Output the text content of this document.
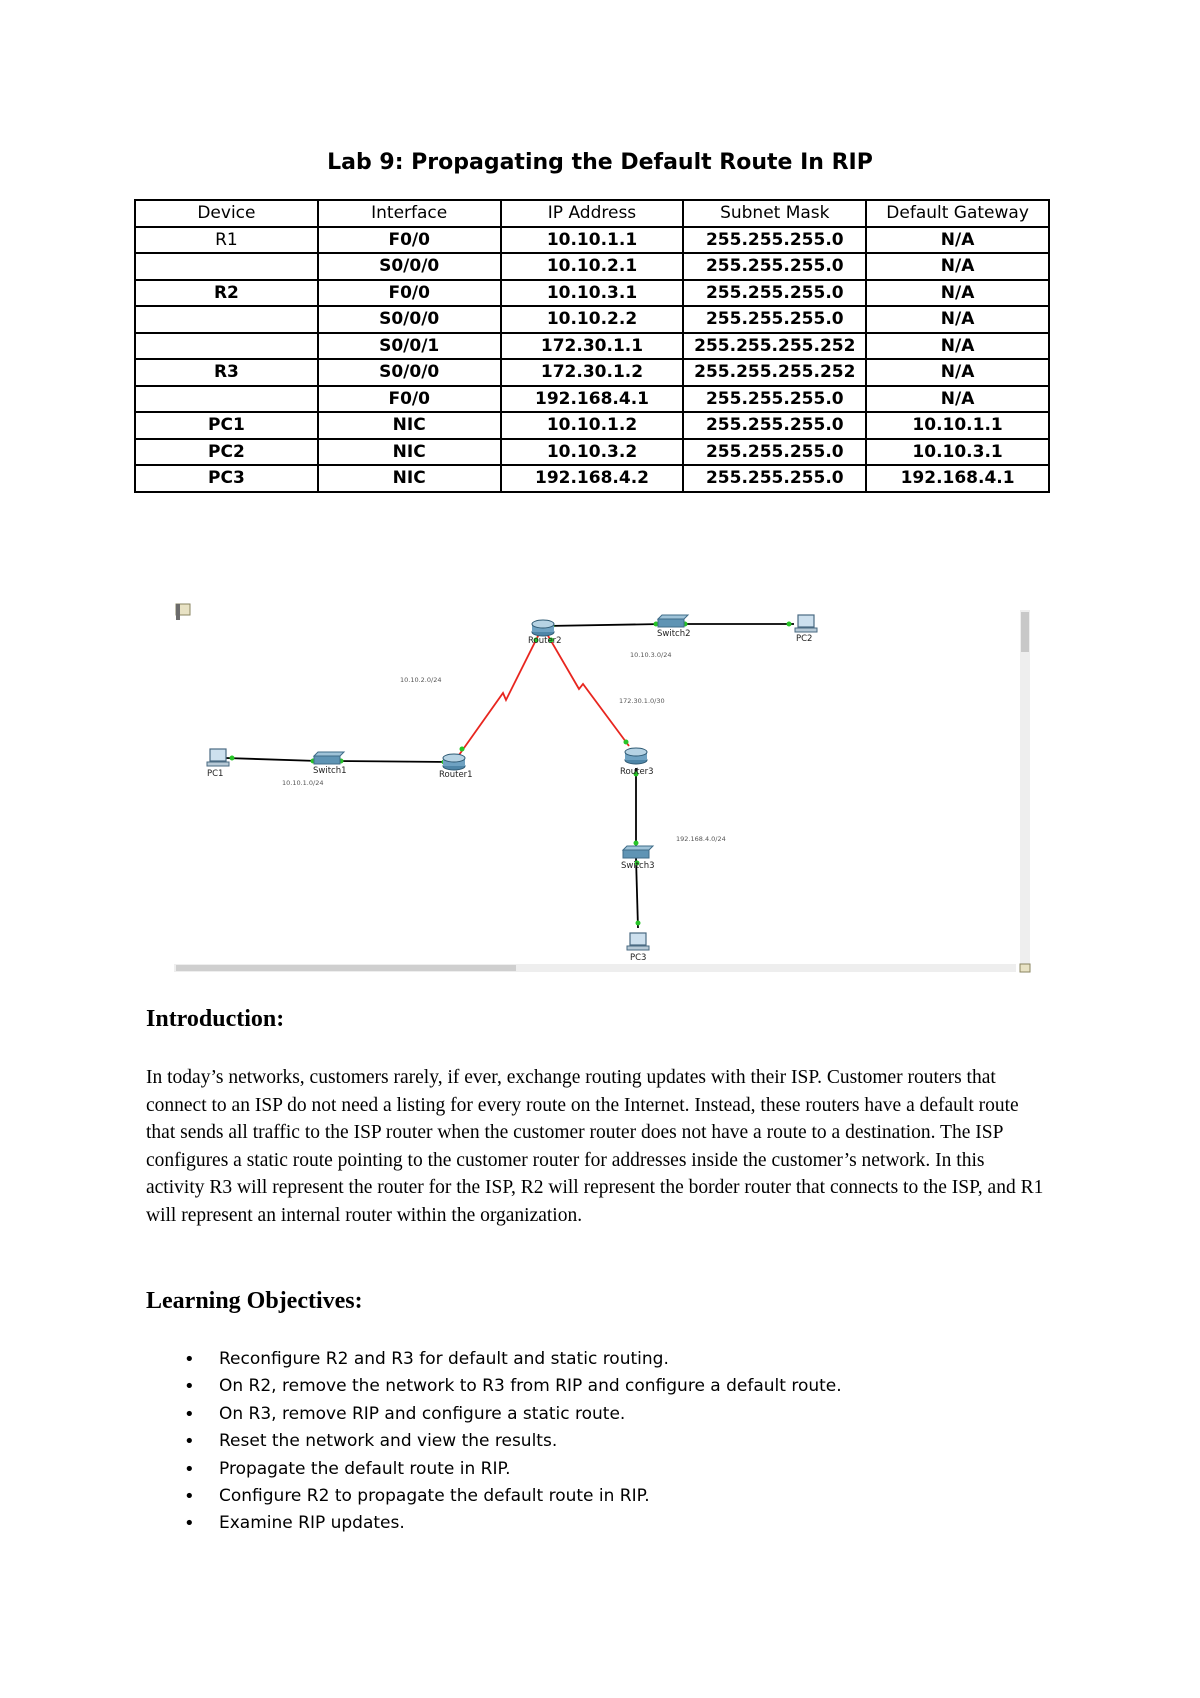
Lab 9: Propagating the Default Route In RIP
Device	Interface	IP Address	Subnet Mask	Default Gateway
R1	F0/0	10.10.1.1	255.255.255.0	N/A
	S0/0/0	10.10.2.1	255.255.255.0	N/A
R2	F0/0	10.10.3.1	255.255.255.0	N/A
	S0/0/0	10.10.2.2	255.255.255.0	N/A
	S0/0/1	172.30.1.1	255.255.255.252	N/A
R3	S0/0/0	172.30.1.2	255.255.255.252	N/A
	F0/0	192.168.4.1	255.255.255.0	N/A
PC1	NIC	10.10.1.2	255.255.255.0	10.10.1.1
PC2	NIC	10.10.3.2	255.255.255.0	10.10.3.1
PC3	NIC	192.168.4.2	255.255.255.0	192.168.4.1
PC1	Switch1	Router1
Router2
Switch2	PC2
Router3
Switch3
PC3
10.10.1.0/24
10.10.2.0/24
10.10.3.0/24
172.30.1.0/30
192.168.4.0/24
Introduction:

In today’s networks, customers rarely, if ever, exchange routing updates with their ISP. Customer routers that connect to an ISP do not need a listing for every route on the Internet. Instead, these routers have a default route that sends all traffic to the ISP router when the customer router does not have a route to a destination. The ISP configures a static route pointing to the customer router for addresses inside the customer’s network. In this activity R3 will represent the router for the ISP, R2 will represent the border router that connects to the ISP, and R1 will represent an internal router within the organization.

Learning Objectives:
• Reconfigure R2 and R3 for default and static routing.
• On R2, remove the network to R3 from RIP and configure a default route.
• On R3, remove RIP and configure a static route.
• Reset the network and view the results.
• Propagate the default route in RIP.
• Configure R2 to propagate the default route in RIP.
• Examine RIP updates.
